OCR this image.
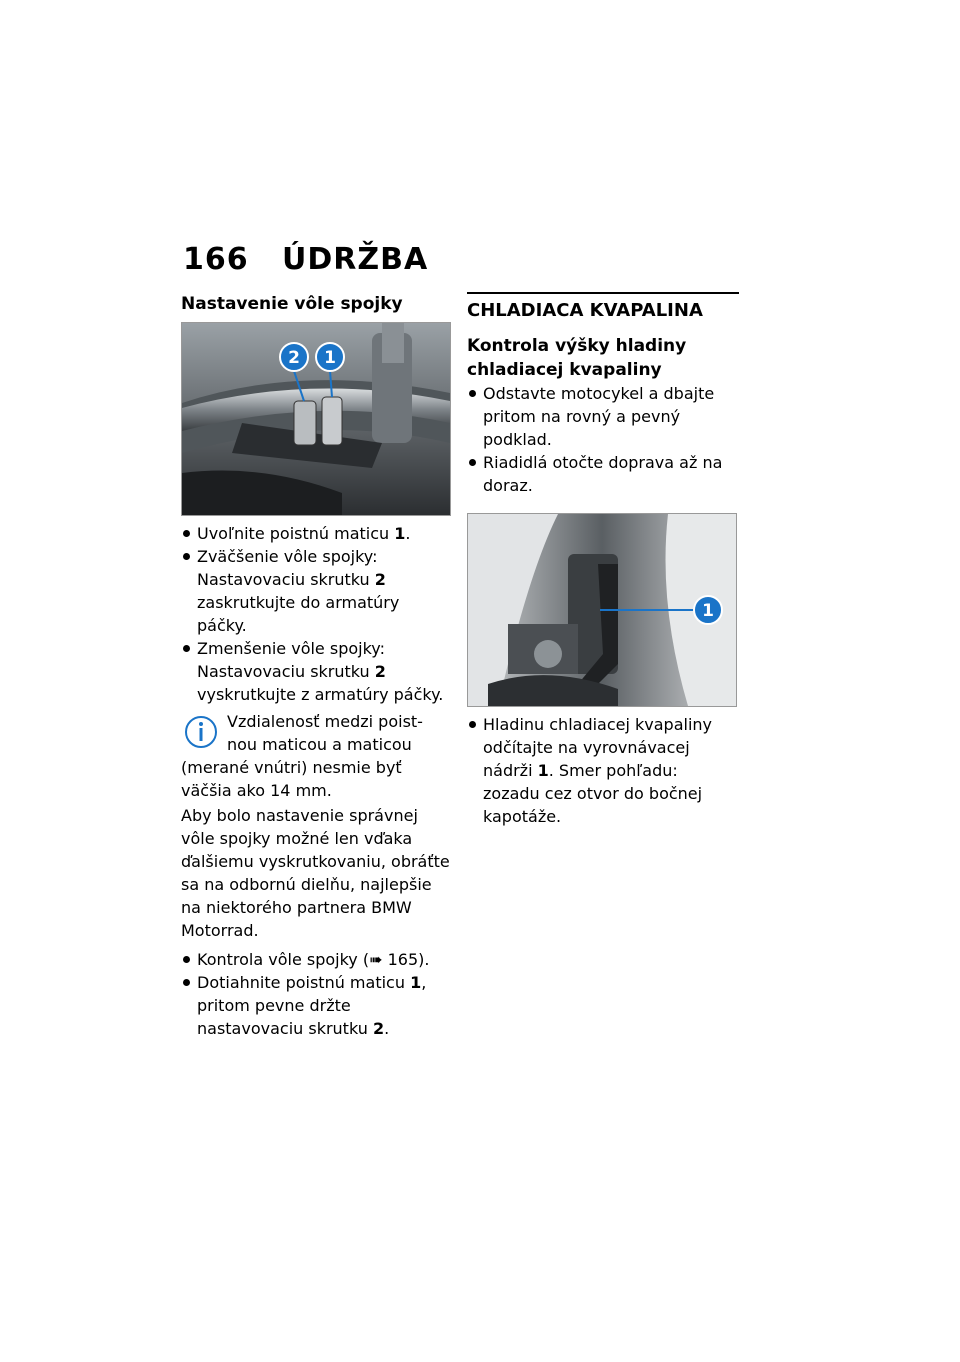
166 ÚDRŽBA
Nastavenie vôle spojky
2 1
Uvoľnite poistnú maticu 1.
Zväčšenie vôle spojky: Nastavovaciu skrutku 2 zaskrutkujte do armatúry páčky.
Zmenšenie vôle spojky: Nastavovaciu skrutku 2 vyskrutkujte z armatúry páčky.

Vzdialenosť medzi poist-

nou maticou a maticou

(merané vnútri) nesmie byť väčšia ako 14 mm.

Aby bolo nastavenie správnej vôle spojky možné len vďaka ďalšiemu vyskrutkovaniu, obráťte sa na odbornú dielňu, najlepšie na niektorého partnera BMW Motorrad.

Kontrola vôle spojky (➠ 165).
Dotiahnite poistnú maticu 1, pritom pevne držte nastavovaciu skrutku 2.
CHLADIACA KVAPALINA
Kontrola výšky hladiny chladiacej kvapaliny
Odstavte motocykel a dbajte pritom na rovný a pevný podklad.
Riadidlá otočte doprava až na doraz.
1
Hladinu chladiacej kvapaliny odčítajte na vyrovnávacej nádrži 1. Smer pohľadu: zozadu cez otvor do bočnej kapotáže.
